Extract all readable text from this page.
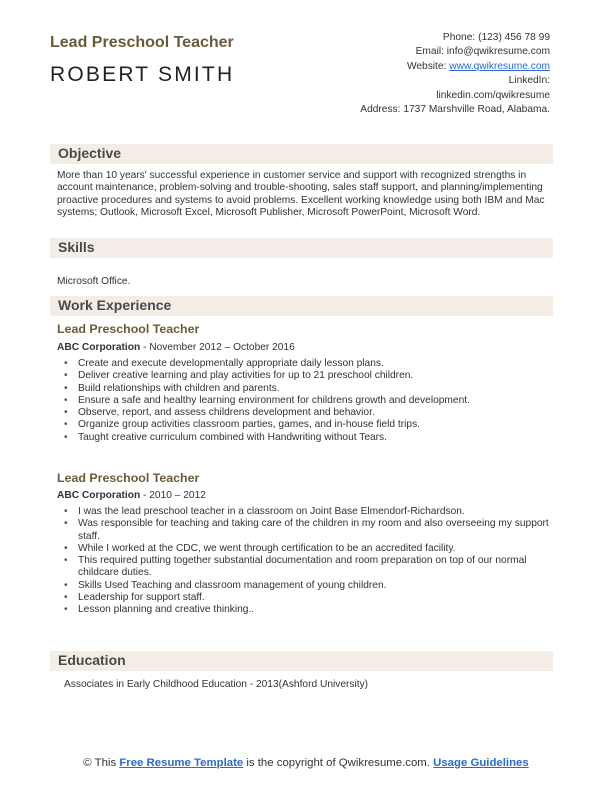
Lead Preschool Teacher
ROBERT SMITH
Phone: (123) 456 78 99
Email: info@qwikresume.com
Website: www.qwikresume.com
LinkedIn:
linkedin.com/qwikresume
Address: 1737 Marshville Road, Alabama.
Objective
More than 10 years' successful experience in customer service and support with recognized strengths in account maintenance, problem-solving and trouble-shooting, sales staff support, and planning/implementing proactive procedures and systems to avoid problems. Excellent working knowledge using both IBM and Mac systems; Outlook, Microsoft Excel, Microsoft Publisher, Microsoft PowerPoint, Microsoft Word.
Skills
Microsoft Office.
Work Experience
Lead Preschool Teacher
ABC Corporation - November 2012 – October 2016
• Create and execute developmentally appropriate daily lesson plans.
• Deliver creative learning and play activities for up to 21 preschool children.
• Build relationships with children and parents.
• Ensure a safe and healthy learning environment for childrens growth and development.
• Observe, report, and assess childrens development and behavior.
• Organize group activities classroom parties, games, and in-house field trips.
• Taught creative curriculum combined with Handwriting without Tears.
Lead Preschool Teacher
ABC Corporation - 2010 – 2012
• I was the lead preschool teacher in a classroom on Joint Base Elmendorf-Richardson.
• Was responsible for teaching and taking care of the children in my room and also overseeing my support staff.
• While I worked at the CDC, we went through certification to be an accredited facility.
• This required putting together substantial documentation and room preparation on top of our normal childcare duties.
• Skills Used Teaching and classroom management of young children.
• Leadership for support staff.
• Lesson planning and creative thinking..
Education
Associates in Early Childhood Education - 2013(Ashford University)
© This Free Resume Template is the copyright of Qwikresume.com. Usage Guidelines
